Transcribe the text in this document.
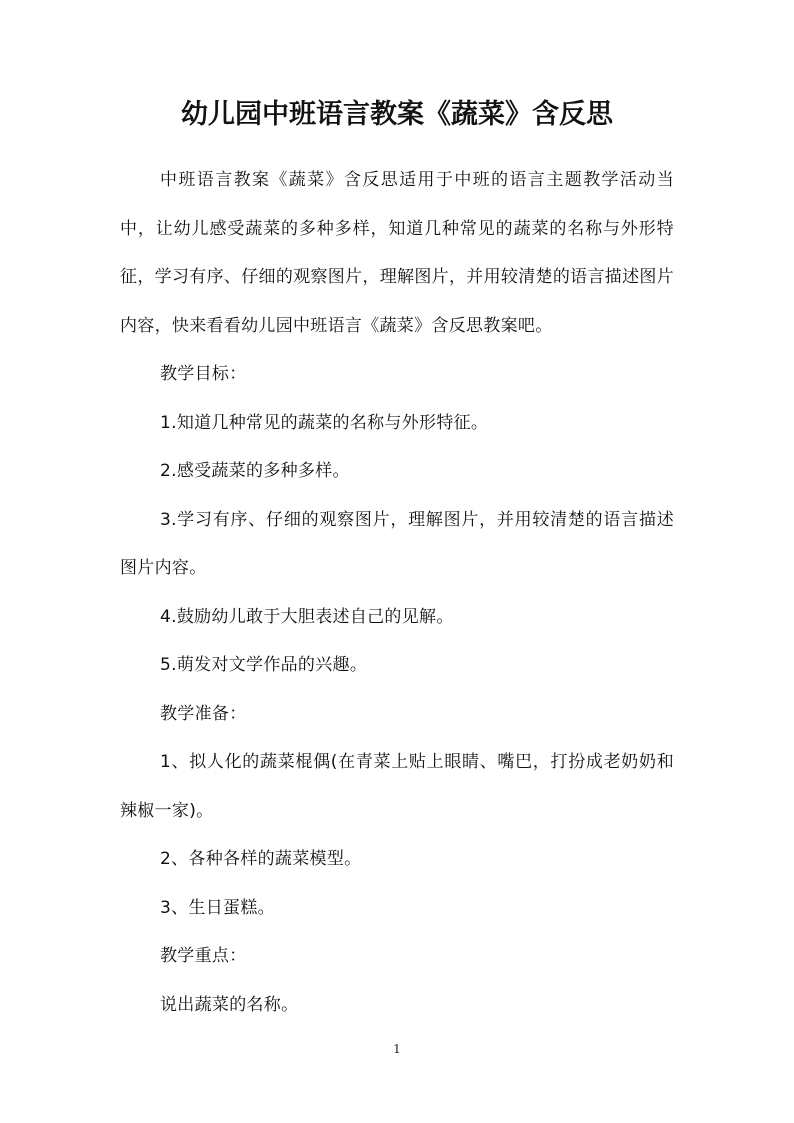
幼儿园中班语言教案《蔬菜》含反思

中班语言教案《蔬菜》含反思适用于中班的语言主题教学活动当中，让幼儿感受蔬菜的多种多样，知道几种常见的蔬菜的名称与外形特征，学习有序、仔细的观察图片，理解图片，并用较清楚的语言描述图片内容，快来看看幼儿园中班语言《蔬菜》含反思教案吧。

教学目标：

1.知道几种常见的蔬菜的名称与外形特征。

2.感受蔬菜的多种多样。

3.学习有序、仔细的观察图片，理解图片，并用较清楚的语言描述图片内容。

4.鼓励幼儿敢于大胆表述自己的见解。

5.萌发对文学作品的兴趣。

教学准备：

1、拟人化的蔬菜棍偶(在青菜上贴上眼睛、嘴巴，打扮成老奶奶和辣椒一家)。

2、各种各样的蔬菜模型。

3、生日蛋糕。

教学重点：

说出蔬菜的名称。

1
